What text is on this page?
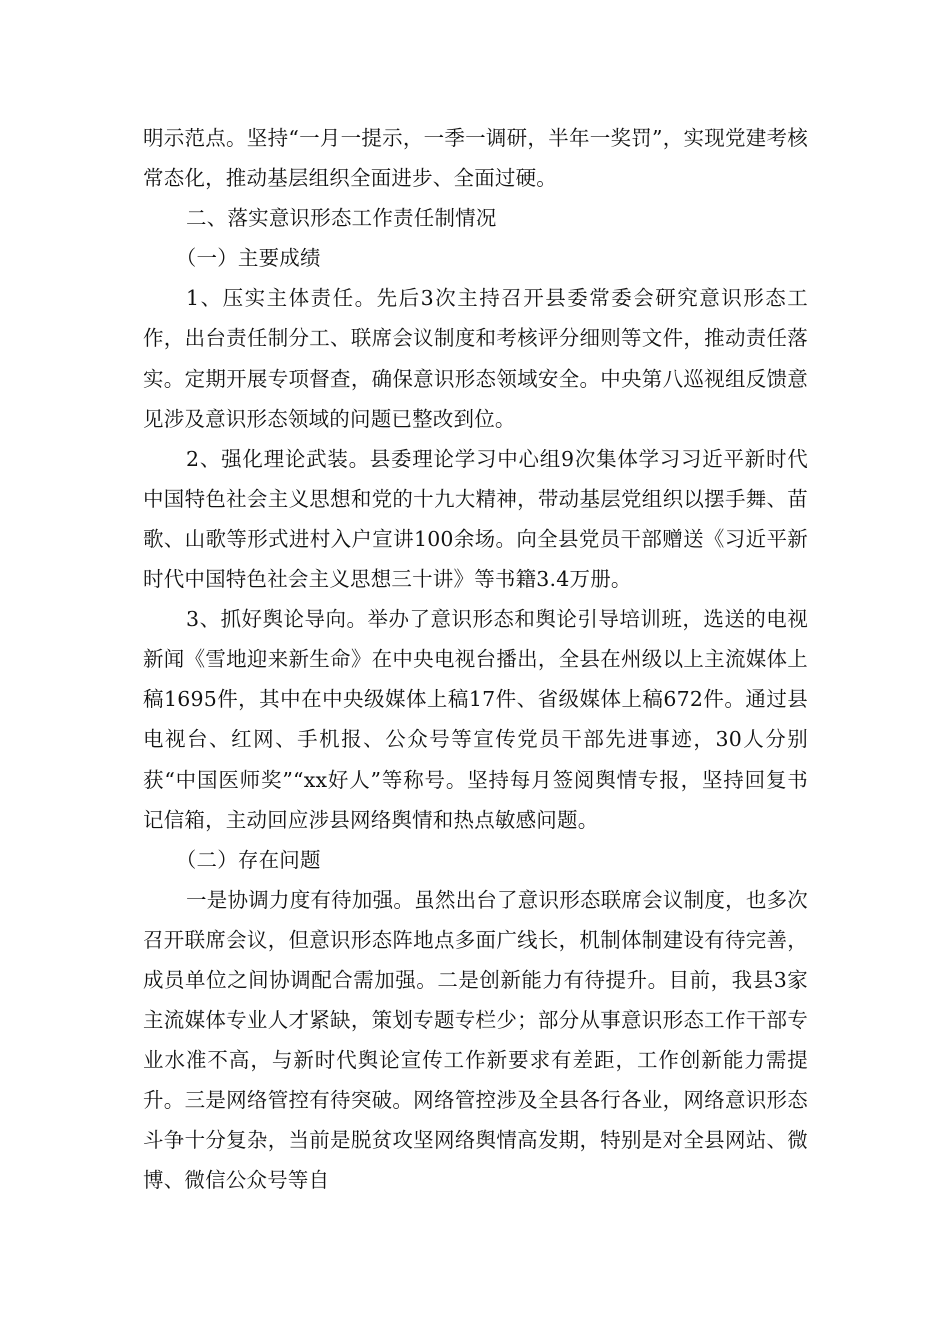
明示范点。坚持“一月一提示，一季一调研，半年一奖罚”，实现党建考核常态化，推动基层组织全面进步、全面过硬。

二、落实意识形态工作责任制情况

（一）主要成绩

1、压实主体责任。先后3次主持召开县委常委会研究意识形态工作，出台责任制分工、联席会议制度和考核评分细则等文件，推动责任落实。定期开展专项督查，确保意识形态领域安全。中央第八巡视组反馈意见涉及意识形态领域的问题已整改到位。

2、强化理论武装。县委理论学习中心组9次集体学习习近平新时代中国特色社会主义思想和党的十九大精神，带动基层党组织以摆手舞、苗歌、山歌等形式进村入户宣讲100余场。向全县党员干部赠送《习近平新时代中国特色社会主义思想三十讲》等书籍3.4万册。

3、抓好舆论导向。举办了意识形态和舆论引导培训班，选送的电视新闻《雪地迎来新生命》在中央电视台播出，全县在州级以上主流媒体上稿1695件，其中在中央级媒体上稿17件、省级媒体上稿672件。通过县电视台、红网、手机报、公众号等宣传党员干部先进事迹，30人分别获“中国医师奖”“xx好人”等称号。坚持每月签阅舆情专报，坚持回复书记信箱，主动回应涉县网络舆情和热点敏感问题。

（二）存在问题

一是协调力度有待加强。虽然出台了意识形态联席会议制度，也多次召开联席会议，但意识形态阵地点多面广线长，机制体制建设有待完善，成员单位之间协调配合需加强。二是创新能力有待提升。目前，我县3家主流媒体专业人才紧缺，策划专题专栏少；部分从事意识形态工作干部专业水准不高，与新时代舆论宣传工作新要求有差距，工作创新能力需提升。三是网络管控有待突破。网络管控涉及全县各行各业，网络意识形态斗争十分复杂，当前是脱贫攻坚网络舆情高发期，特别是对全县网站、微博、微信公众号等自
